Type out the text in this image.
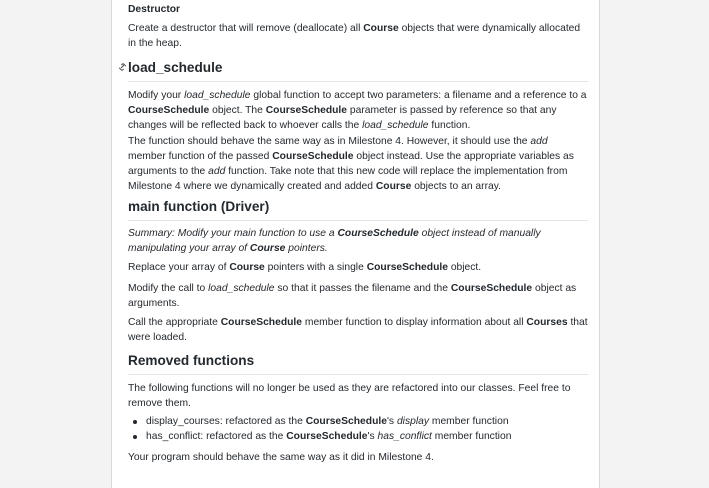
Destructor

Create a destructor that will remove (deallocate) all Course objects that were dynamically allocated in the heap.

load_schedule

Modify your load_schedule global function to accept two parameters: a filename and a reference to a CourseSchedule object. The CourseSchedule parameter is passed by reference so that any changes will be reflected back to whoever calls the load_schedule function.

The function should behave the same way as in Milestone 4. However, it should use the add member function of the passed CourseSchedule object instead. Use the appropriate variables as arguments to the add function. Take note that this new code will replace the implementation from Milestone 4 where we dynamically created and added Course objects to an array.

main function (Driver)

Summary: Modify your main function to use a CourseSchedule object instead of manually manipulating your array of Course pointers.

Replace your array of Course pointers with a single CourseSchedule object.

Modify the call to load_schedule so that it passes the filename and the CourseSchedule object as arguments.

Call the appropriate CourseSchedule member function to display information about all Courses that were loaded.

Removed functions

The following functions will no longer be used as they are refactored into our classes. Feel free to remove them.

display_courses: refactored as the CourseSchedule's display member function
has_conflict: refactored as the CourseSchedule's has_conflict member function

Your program should behave the same way as it did in Milestone 4.
